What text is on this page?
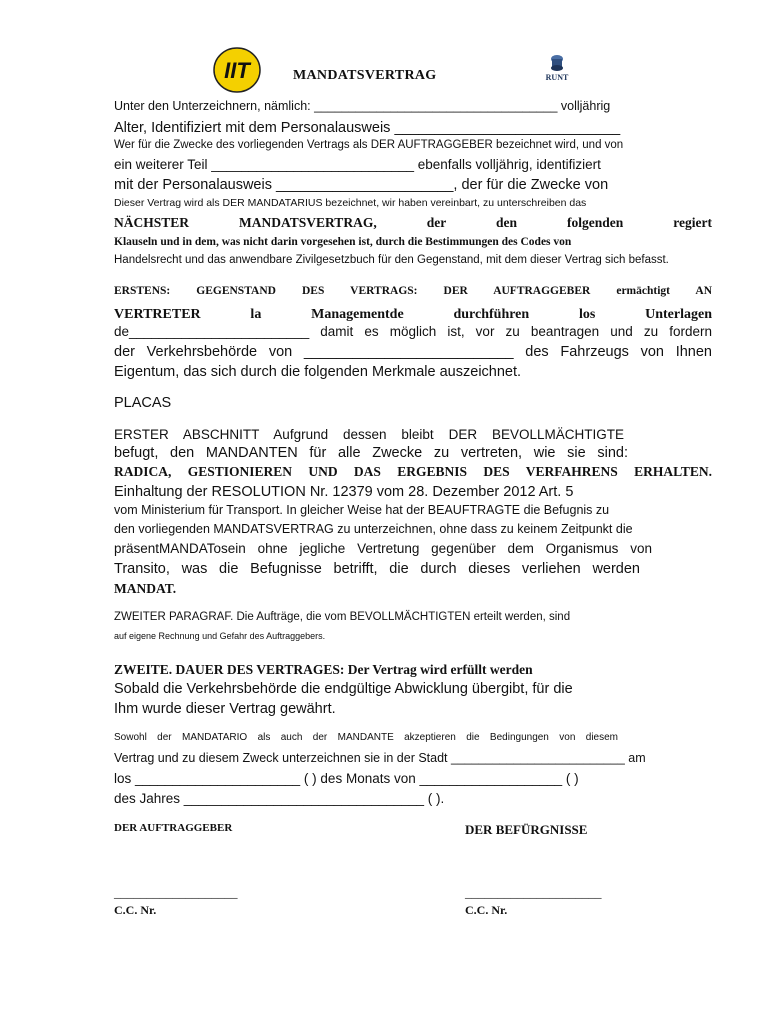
IIT	RUNT
MANDATSVERTRAG
Unter den Unterzeichnern, nämlich: ___________________________________ volljährig
Alter, Identifiziert mit dem Personalausweis ____________________________
Wer für die Zwecke des vorliegenden Vertrags als DER AUFTRAGGEBER bezeichnet wird, und von
ein weiterer Teil ___________________________ ebenfalls volljährig, identifiziert
mit der Personalausweis ______________________, der für die Zwecke von
Dieser Vertrag wird als DER MANDATARIUS bezeichnet, wir haben vereinbart, zu unterschreiben das
NÄCHSTER MANDATSVERTRAG, der den folgenden regiert
Klauseln und in dem, was nicht darin vorgesehen ist, durch die Bestimmungen des Codes von
Handelsrecht und das anwendbare Zivilgesetzbuch für den Gegenstand, mit dem dieser Vertrag sich befasst.
ERSTENS: GEGENSTAND DES VERTRAGS: DER AUFTRAGGEBER ermächtigt AN
VERTRETER la Managementde durchführen los Unterlagen
de________________________ damit es möglich ist, vor zu beantragen und zu fordern
der Verkehrsbehörde von __________________________ des Fahrzeugs von Ihnen
Eigentum, das sich durch die folgenden Merkmale auszeichnet.
PLACAS
ERSTER ABSCHNITT Aufgrund dessen bleibt DER BEVOLLMÄCHTIGTE
befugt, den MANDANTEN für alle Zwecke zu vertreten, wie sie sind:
RADICA, GESTIONIEREN UND DAS ERGEBNIS DES VERFAHRENS ERHALTEN.
Einhaltung der RESOLUTION Nr. 12379 vom 28. Dezember 2012 Art. 5
vom Ministerium für Transport. In gleicher Weise hat der BEAUFTRAGTE die Befugnis zu
den vorliegenden MANDATSVERTRAG zu unterzeichnen, ohne dass zu keinem Zeitpunkt die
präsentMANDATosein ohne jegliche Vertretung gegenüber dem Organismus von
Transito, was die Befugnisse betrifft, die durch dieses verliehen werden
MANDAT.
ZWEITER PARAGRAF. Die Aufträge, die vom BEVOLLMÄCHTIGTEN erteilt werden, sind
auf eigene Rechnung und Gefahr des Auftraggebers.
ZWEITE. DAUER DES VERTRAGES: Der Vertrag wird erfüllt werden
Sobald die Verkehrsbehörde die endgültige Abwicklung übergibt, für die
Ihm wurde dieser Vertrag gewährt.
Sowohl der MANDATARIO als auch der MANDANTE akzeptieren die Bedingungen von diesem
Vertrag und zu diesem Zweck unterzeichnen sie in der Stadt _________________________ am
los ______________________ ( ) des Monats von ___________________ ( )
des Jahres ________________________________ ( ).
DER AUFTRAGGEBER	DER BEFÜRGNISSE
___________________	_____________________
C.C. Nr.	C.C. Nr.
